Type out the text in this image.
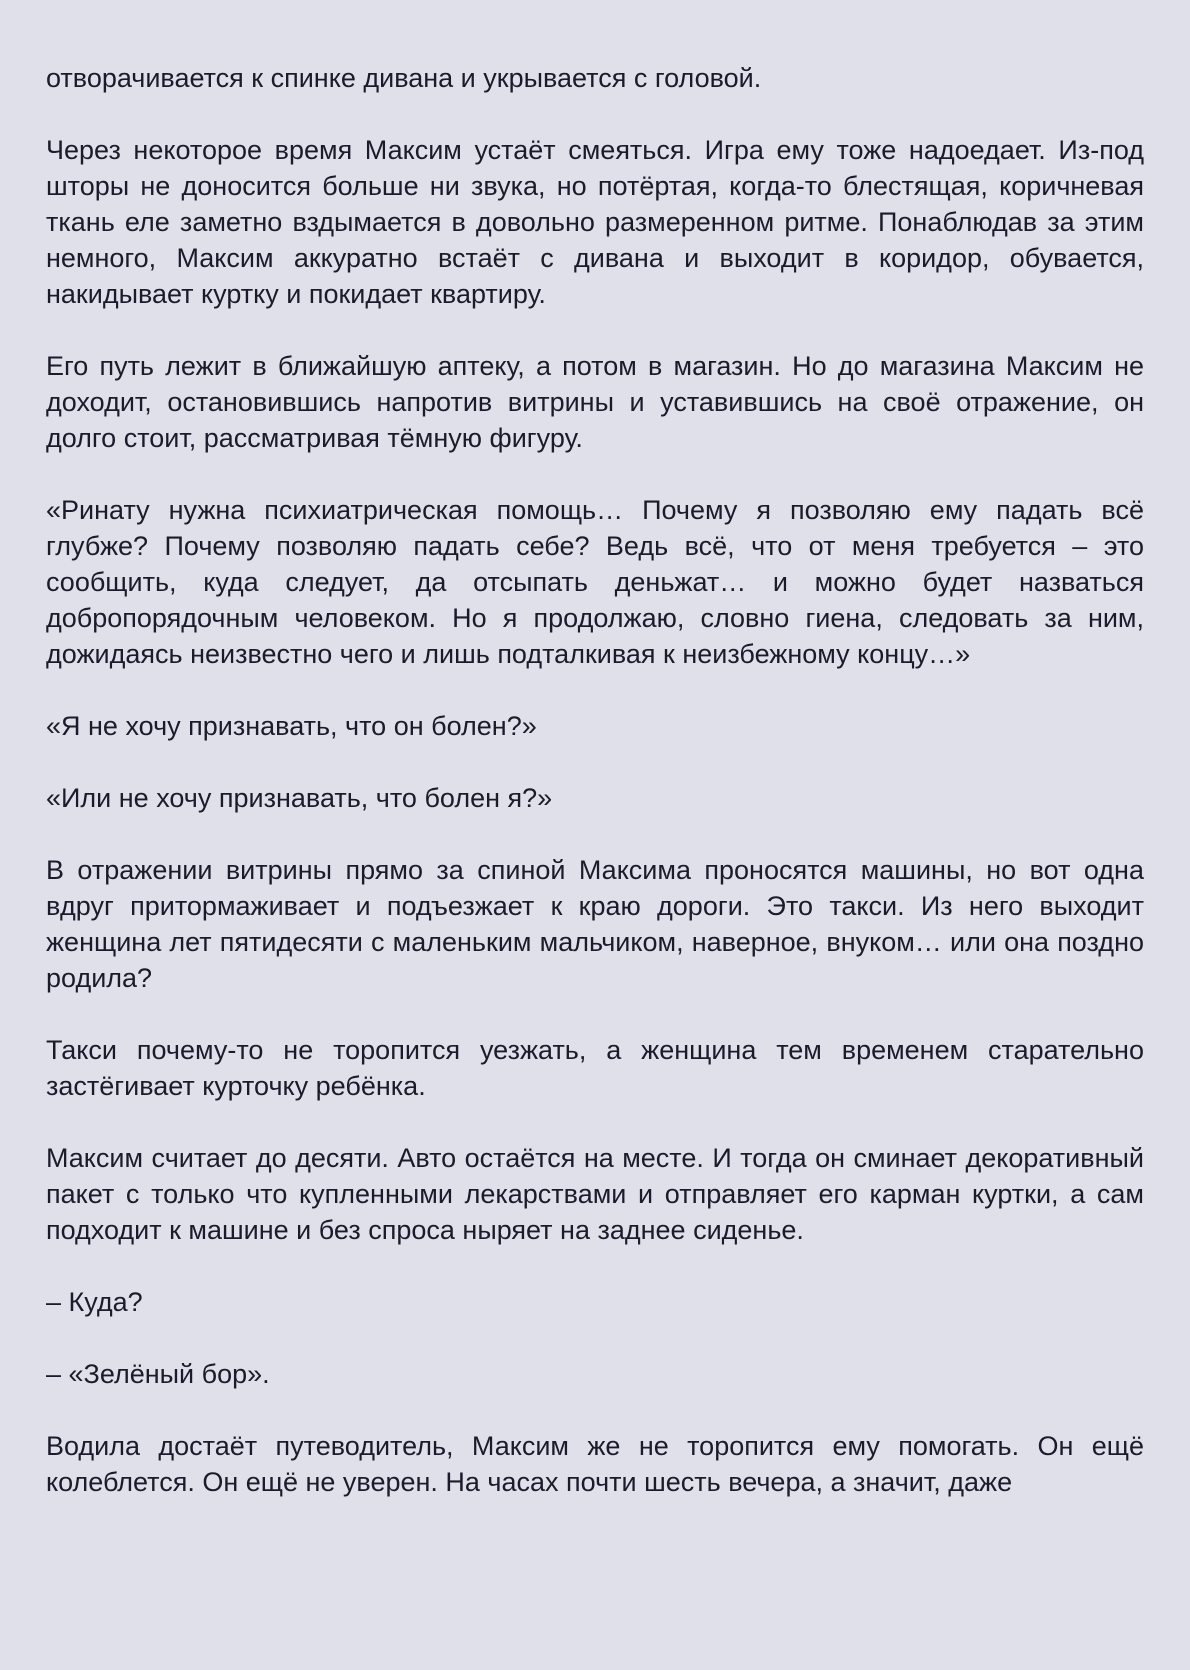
отворачивается к спинке дивана и укрывается с головой.

Через некоторое время Максим устаёт смеяться. Игра ему тоже надоедает. Из-под шторы не доносится больше ни звука, но потёртая, когда-то блестящая, коричневая ткань еле заметно вздымается в довольно размеренном ритме. Понаблюдав за этим немного, Максим аккуратно встаёт с дивана и выходит в коридор, обувается, накидывает куртку и покидает квартиру.

Его путь лежит в ближайшую аптеку, а потом в магазин. Но до магазина Максим не доходит, остановившись напротив витрины и уставившись на своё отражение, он долго стоит, рассматривая тёмную фигуру.

«Ринату нужна психиатрическая помощь… Почему я позволяю ему падать всё глубже? Почему позволяю падать себе? Ведь всё, что от меня требуется – это сообщить, куда следует, да отсыпать деньжат… и можно будет назваться добропорядочным человеком. Но я продолжаю, словно гиена, следовать за ним, дожидаясь неизвестно чего и лишь подталкивая к неизбежному концу…»

«Я не хочу признавать, что он болен?»

«Или не хочу признавать, что болен я?»

В отражении витрины прямо за спиной Максима проносятся машины, но вот одна вдруг притормаживает и подъезжает к краю дороги. Это такси. Из него выходит женщина лет пятидесяти с маленьким мальчиком, наверное, внуком… или она поздно родила?

Такси почему-то не торопится уезжать, а женщина тем временем старательно застёгивает курточку ребёнка.

Максим считает до десяти. Авто остаётся на месте. И тогда он сминает декоративный пакет с только что купленными лекарствами и отправляет его карман куртки, а сам подходит к машине и без спроса ныряет на заднее сиденье.

– Куда?

– «Зелёный бор».

Водила достаёт путеводитель, Максим же не торопится ему помогать. Он ещё колеблется. Он ещё не уверен. На часах почти шесть вечера, а значит, даже
